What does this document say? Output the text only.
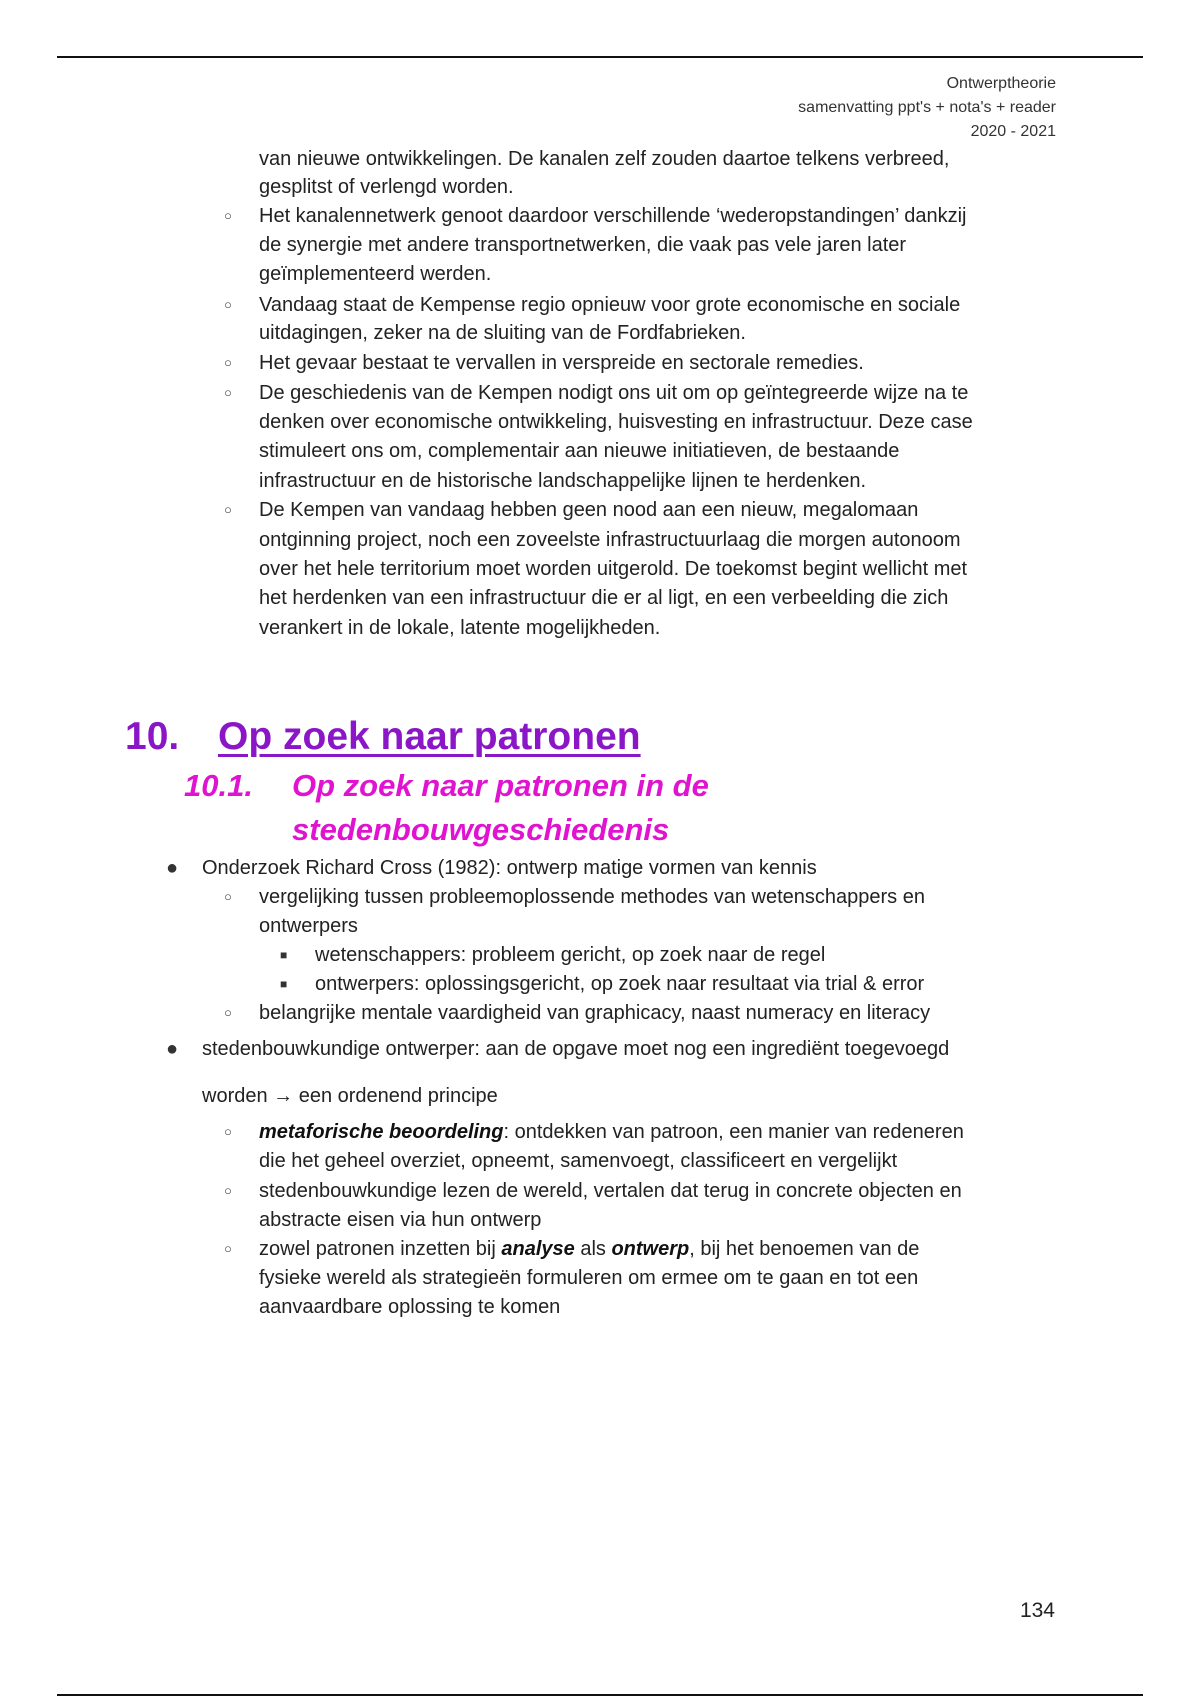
Ontwerptheorie
samenvatting ppt's + nota's + reader
2020 - 2021
van nieuwe ontwikkelingen. De kanalen zelf zouden daartoe telkens verbreed,
gesplitst of verlengd worden.
○ Het kanalennetwerk genoot daardoor verschillende ‘wederopstandingen’ dankzij
de synergie met andere transportnetwerken, die vaak pas vele jaren later
geïmplementeerd werden.
○ Vandaag staat de Kempense regio opnieuw voor grote economische en sociale
uitdagingen, zeker na de sluiting van de Fordfabrieken.
○ Het gevaar bestaat te vervallen in verspreide en sectorale remedies.
○ De geschiedenis van de Kempen nodigt ons uit om op geïntegreerde wijze na te
denken over economische ontwikkeling, huisvesting en infrastructuur. Deze case
stimuleert ons om, complementair aan nieuwe initiatieven, de bestaande
infrastructuur en de historische landschappelijke lijnen te herdenken.
○ De Kempen van vandaag hebben geen nood aan een nieuw, megalomaan
ontginning project, noch een zoveelste infrastructuurlaag die morgen autonoom
over het hele territorium moet worden uitgerold. De toekomst begint wellicht met
het herdenken van een infrastructuur die er al ligt, en een verbeelding die zich
verankert in de lokale, latente mogelijkheden.
10. Op zoek naar patronen
10.1. Op zoek naar patronen in de
stedenbouwgeschiedenis
● Onderzoek Richard Cross (1982): ontwerp matige vormen van kennis
○ vergelijking tussen probleemoplossende methodes van wetenschappers en
ontwerpers
■ wetenschappers: probleem gericht, op zoek naar de regel
■ ontwerpers: oplossingsgericht, op zoek naar resultaat via trial & error
○ belangrijke mentale vaardigheid van graphicacy, naast numeracy en literacy
● stedenbouwkundige ontwerper: aan de opgave moet nog een ingrediënt toegevoegd
worden → een ordenend principe
○ metaforische beoordeling: ontdekken van patroon, een manier van redeneren
die het geheel overziet, opneemt, samenvoegt, classificeert en vergelijkt
○ stedenbouwkundige lezen de wereld, vertalen dat terug in concrete objecten en
abstracte eisen via hun ontwerp
○ zowel patronen inzetten bij analyse als ontwerp, bij het benoemen van de
fysieke wereld als strategieën formuleren om ermee om te gaan en tot een
aanvaardbare oplossing te komen
134
